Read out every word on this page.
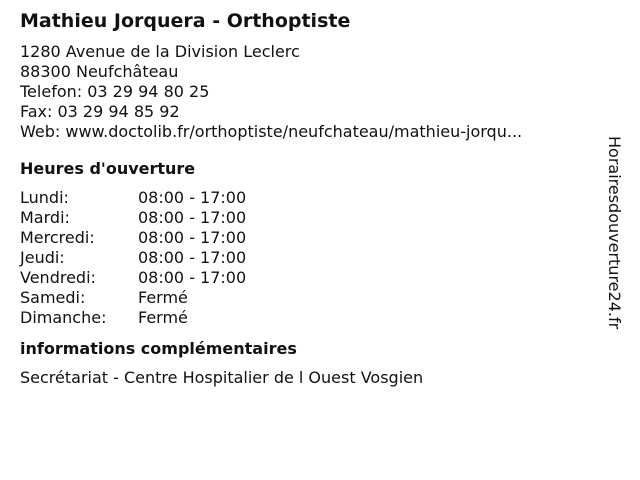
Mathieu Jorquera - Orthoptiste
1280 Avenue de la Division Leclerc
88300 Neufchâteau
Telefon: 03 29 94 80 25
Fax: 03 29 94 85 92
Web: www.doctolib.fr/orthoptiste/neufchateau/mathieu-jorqu...
Heures d'ouverture
Lundi:	08:00 - 17:00
Mardi:	08:00 - 17:00
Mercredi:	08:00 - 17:00
Jeudi:	08:00 - 17:00
Vendredi:	08:00 - 17:00
Samedi:	Fermé
Dimanche:	Fermé
informations complémentaires
Secrétariat - Centre Hospitalier de l Ouest Vosgien
Horairesdouverture24.fr
